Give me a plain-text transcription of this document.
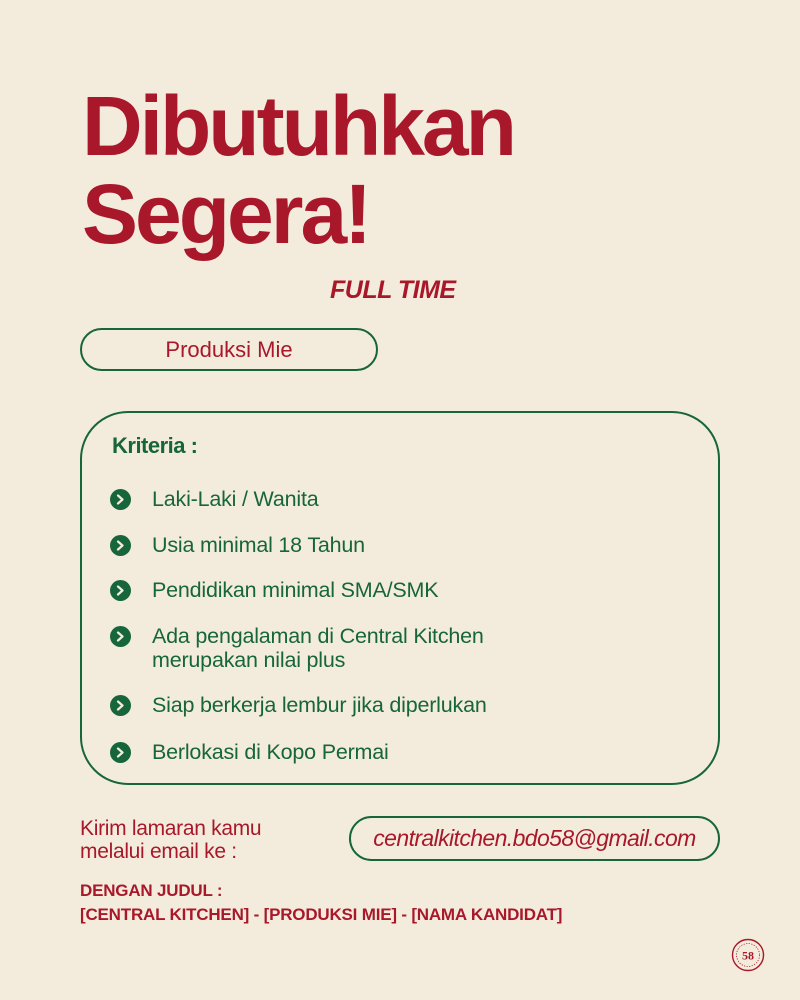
Dibutuhkan
Segera!
FULL TIME
Produksi Mie
Kriteria :
Laki-Laki / Wanita
Usia minimal 18 Tahun
Pendidikan minimal SMA/SMK
Ada pengalaman di Central Kitchen
merupakan nilai plus
Siap berkerja lembur jika diperlukan
Berlokasi di Kopo Permai
Kirim lamaran kamu
melalui email ke :
centralkitchen.bdo58@gmail.com
DENGAN JUDUL :
[CENTRAL KITCHEN] - [PRODUKSI MIE] - [NAMA KANDIDAT]
58
